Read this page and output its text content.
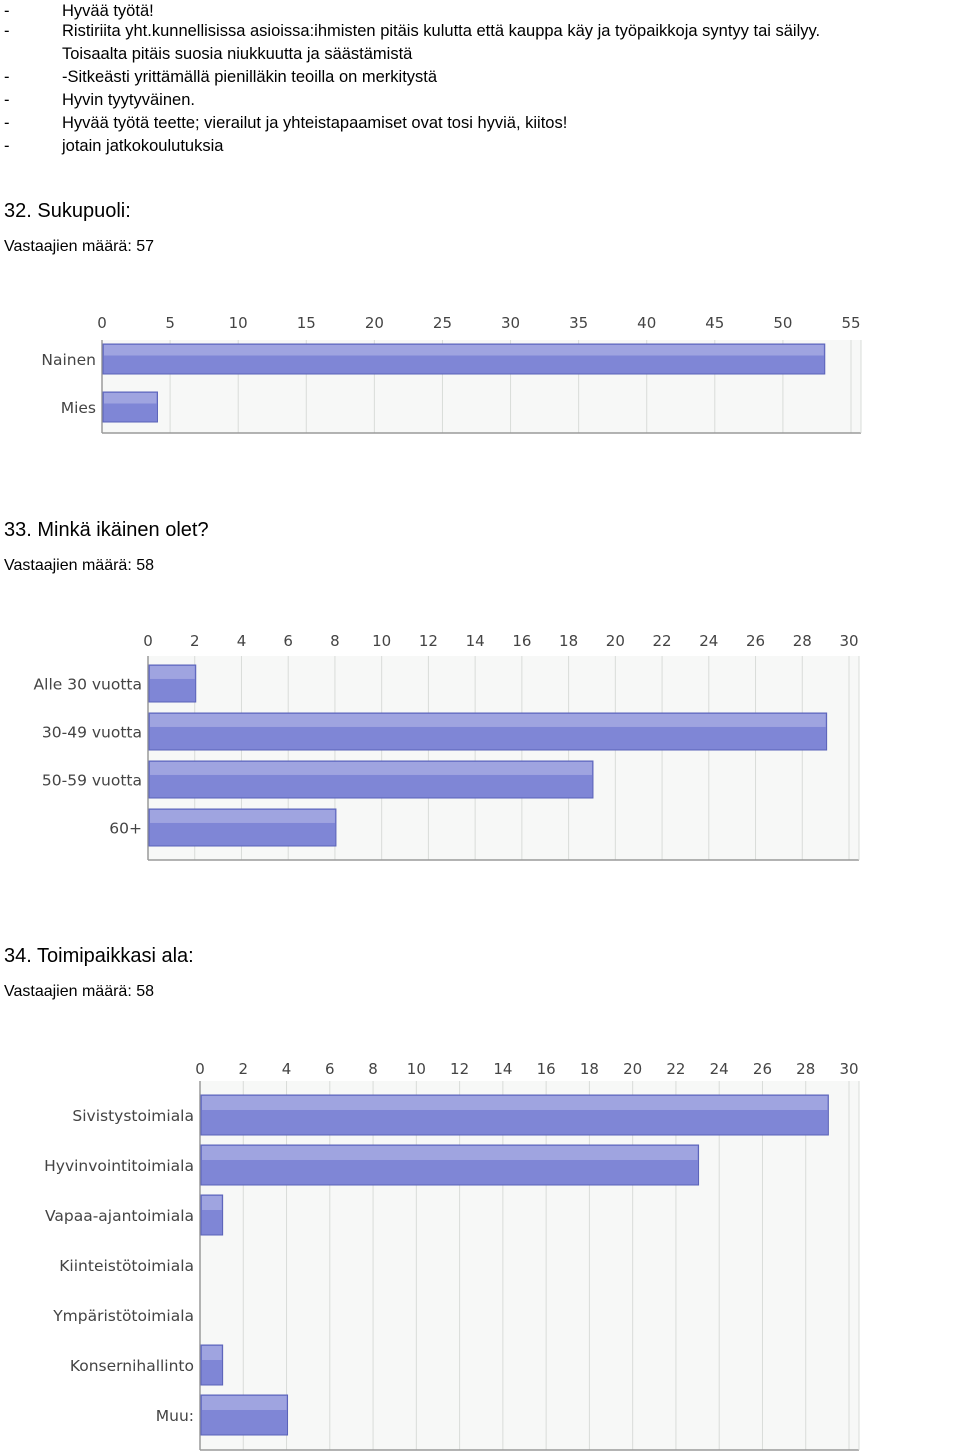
-	Hyvää työtä!
-	Ristiriita yht.kunnellisissa asioissa:ihmisten pitäis kulutta että kauppa käy ja työpaikkoja syntyy tai säilyy.
Toisaalta pitäis suosia niukkuutta ja säästämistä
-	-Sitkeästi yrittämällä pienilläkin teoilla on merkitystä
-	Hyvin tyytyväinen.
-	Hyvää työtä teette; vierailut ja yhteistapaamiset ovat tosi hyviä, kiitos!
-	jotain jatkokoulutuksia
32. Sukupuoli:
Vastaajien määrä: 57
0	5	10	15	20	25	30	35	40	45	50	55
Nainen
Mies
33. Minkä ikäinen olet?
Vastaajien määrä: 58
0 2 4 6 8 10 12 14 16 18 20 22 24 26 28 30
Alle 30 vuotta
30-49 vuotta
50-59 vuotta
60+
34. Toimipaikkasi ala:
Vastaajien määrä: 58
0 2 4 6 8 10 12 14 16 18 20 22 24 26 28 30
Sivistystoimiala
Hyvinvointitoimiala
Vapaa-ajantoimiala
Kiinteistötoimiala
Ympäristötoimiala
Konsernihallinto
Muu:
